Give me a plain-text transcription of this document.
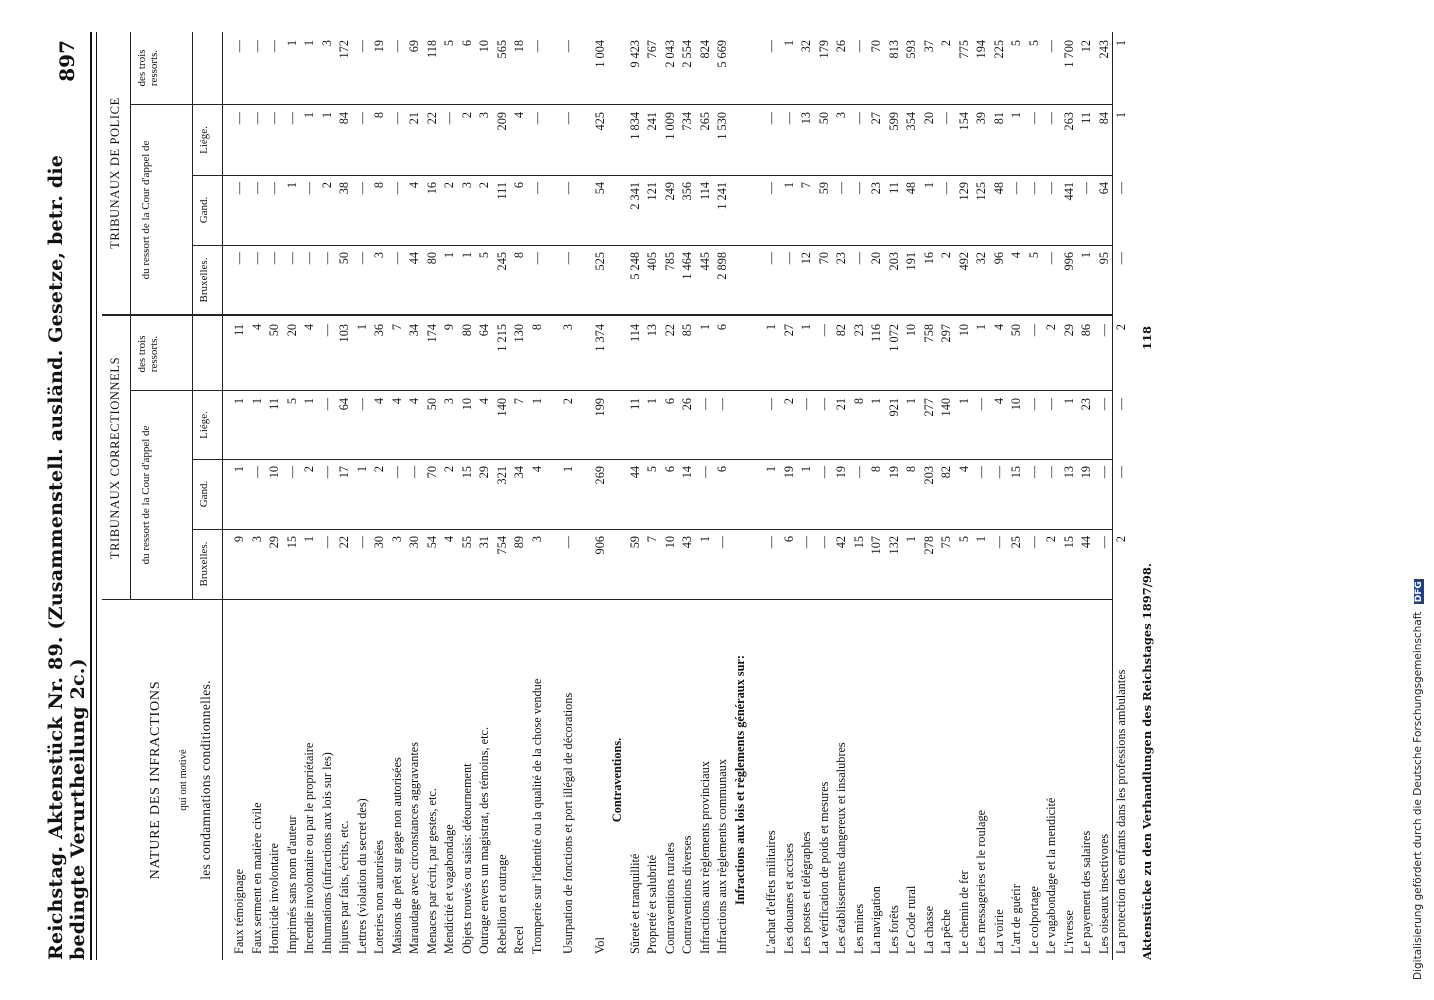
Reichstag. Aktenstück Nr. 89. (Zusammenstell. ausländ. Gesetze, betr. die bedingte Verurtheilung 2c.)
897
NATURE DES INFRACTIONS qui ont motivé les condamnations conditionnelles.
TRIBUNAUX CORRECTIONNELS
TRIBUNAUX DE POLICE
du ressort de la Cour d'appel de
des trois ressorts.
du ressort de la Cour d'appel de
des trois ressorts.
Bruxelles.
Gand.
Liége.
Bruxelles.
Gand.
Liége.
Faux témoignage
9
1
1
11
—
—
—
—
Faux serment en matière civile
3
—
1
4
—
—
—
—
Homicide involontaire
29
10
11
50
—
—
—
—
Imprimés sans nom d'auteur
15
—
5
20
—
1
—
1
Incendie involontaire ou par le propriétaire
1
2
1
4
—
—
1
1
Inhumations (infractions aux lois sur les)
—
—
—
—
—
2
1
3
Injures par faits, écrits, etc.
22
17
64
103
50
38
84
172
Lettres (violation du secret des)
—
1
—
1
—
—
—
—
Loteries non autorisées
30
2
4
36
3
8
8
19
Maisons de prêt sur gage non autorisées
3
—
4
7
—
—
—
—
Maraudage avec circonstances aggravantes
30
—
4
34
44
4
21
69
Menaces par écrit, par gestes, etc.
54
70
50
174
80
16
22
118
Mendicité et vagabondage
4
2
3
9
1
2
—
5
Objets trouvés ou saisis: détournement
55
15
10
80
1
3
2
6
Outrage envers un magistrat, des témoins, etc.
31
29
4
64
5
2
3
10
Rebellion et outrage
754
321
140
1 215
245
111
209
565
Recel
89
34
7
130
8
6
4
18
Tromperie sur l'identité ou la qualité de la chose vendue
3
4
1
8
—
—
—
—
Usurpation de fonctions et port illégal de décorations
—
1
2
3
—
—
—
—
Vol
906
269
199
1 374
525
54
425
1 004
Contraventions.
Sûreté et tranquillité
59
44
11
114
5 248
2 341
1 834
9 423
Propreté et salubrité
7
5
1
13
405
121
241
767
Contraventions rurales
10
6
6
22
785
249
1 009
2 043
Contraventions diverses
43
14
26
85
1 464
356
734
2 554
Infractions aux règlements provinciaux
1
—
—
1
445
114
265
824
Infractions aux règlements communaux
—
6
—
6
2 898
1 241
1 530
5 669
Infractions aux lois et règlements généraux sur: L'achat d'effets militaires
—
1
—
1
—
—
—
—
Les douanes et accises
6
19
2
27
—
1
—
1
Les postes et télégraphes
—
1
—
1
12
7
13
32
La vérification de poids et mesures
—
—
—
—
70
59
50
179
Les établissements dangereux et insalubres
42
19
21
82
23
—
3
26
Les mines
15
—
8
23
—
—
—
—
La navigation
107
8
1
116
20
23
27
70
Les forêts
132
19
921
1 072
203
11
599
813
Le Code rural
1
8
1
10
191
48
354
593
La chasse
278
203
277
758
16
1
20
37
La pêche
75
82
140
297
2
—
—
2
Le chemin de fer
5
4
1
10
492
129
154
775
Les messageries et le roulage
1
—
—
1
32
125
39
194
La voirie
—
—
4
4
96
48
81
225
L'art de guérir
25
15
10
50
4
—
1
5
Le colportage
—
—
—
—
5
—
—
5
Le vagabondage et la mendicité
2
—
—
2
—
—
—
—
L'ivresse
15
13
1
29
996
441
263
1 700
Le payement des salaires
44
19
23
86
1
—
11
12
Les oiseaux insectivores
—
—
—
—
95
64
84
243
La protection des enfants dans les professions ambulantes
2
—
—
2
—
—
1
1
Aktenstücke zu den Verhandlungen des Reichstages 1897/98.
118
Digitalisierung gefördert durch die Deutsche Forschungsgemeinschaft DFG
